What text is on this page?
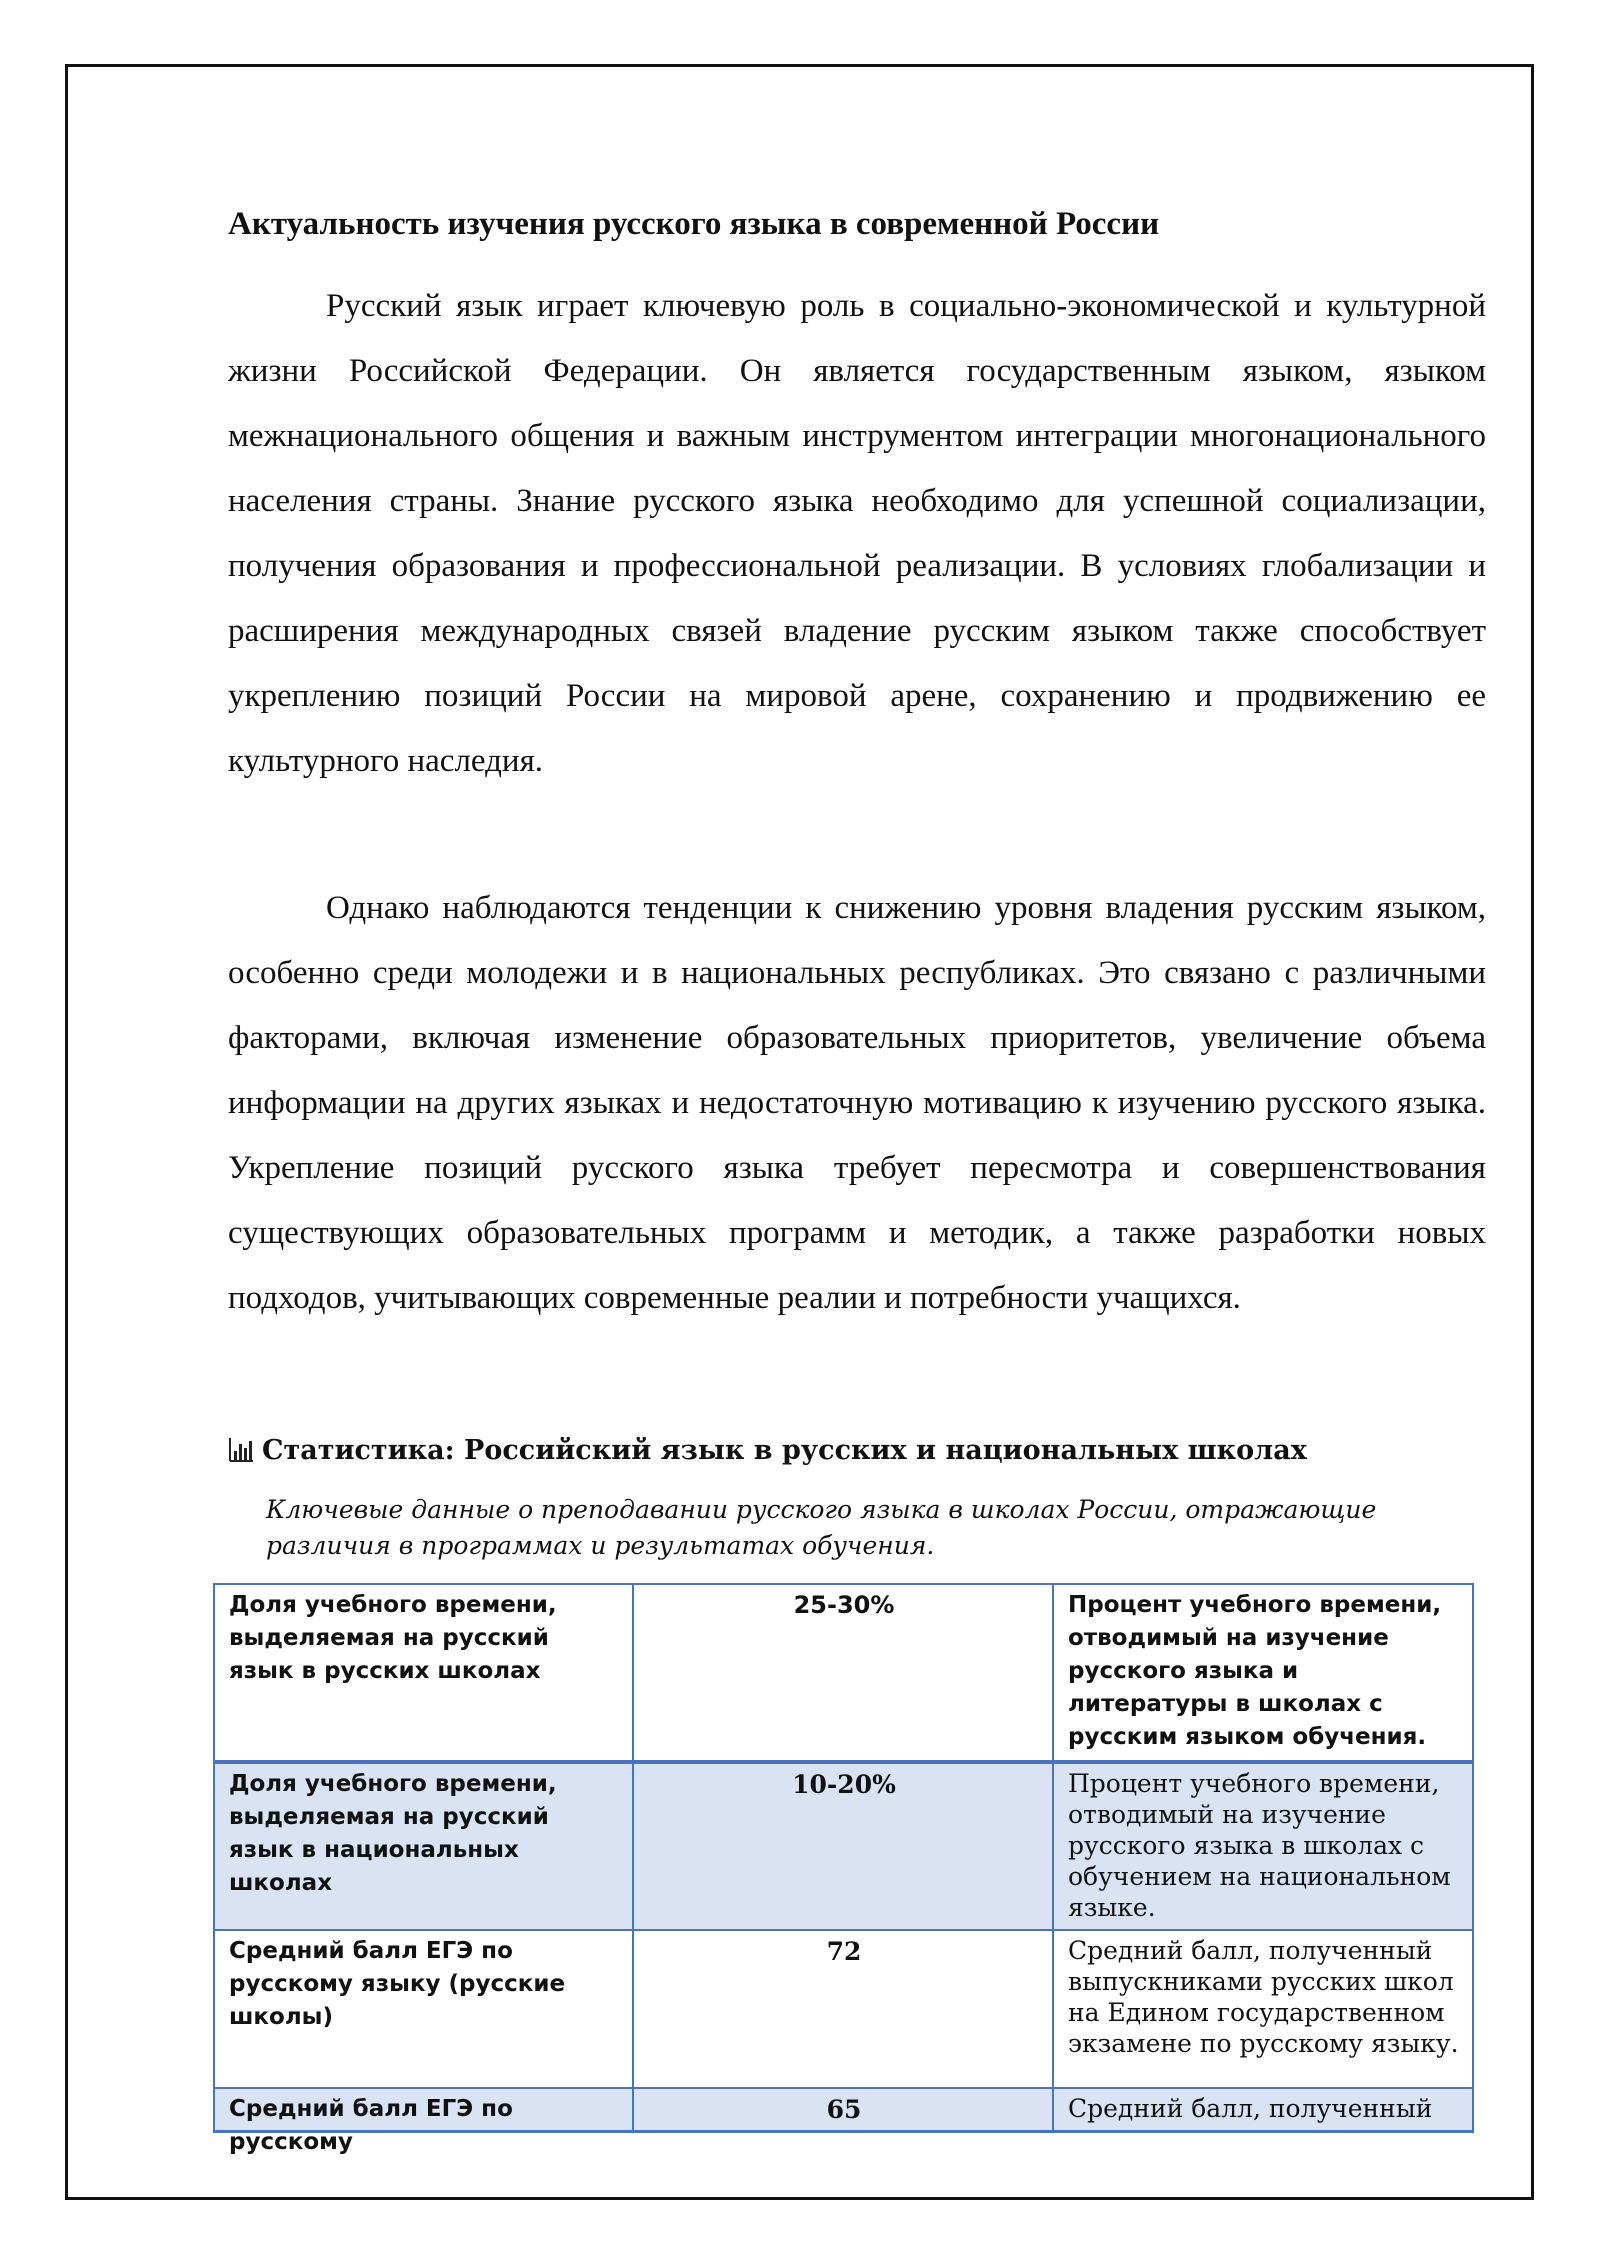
Актуальность изучения русского языка в современной России

Русский язык играет ключевую роль в социально-экономической и культурной жизни Российской Федерации. Он является государственным языком, языком межнационального общения и важным инструментом интеграции многонационального населения страны. Знание русского языка необходимо для успешной социализации, получения образования и профессиональной реализации. В условиях глобализации и расширения международных связей владение русским языком также способствует укреплению позиций России на мировой арене, сохранению и продвижению ее культурного наследия.

Однако наблюдаются тенденции к снижению уровня владения русским языком, особенно среди молодежи и в национальных республиках. Это связано с различными факторами, включая изменение образовательных приоритетов, увеличение объема информации на других языках и недостаточную мотивацию к изучению русского языка. Укрепление позиций русского языка требует пересмотра и совершенствования существующих образовательных программ и методик, а также разработки новых подходов, учитывающих современные реалии и потребности учащихся.

Статистика: Российский язык в русских и национальных школах

Ключевые данные о преподавании русского языка в школах России, отражающие различия в программах и результатах обучения.

Доля учебного времени, выделяемая на русский язык в русских школах	25-30%	Процент учебного времени, отводимый на изучение русского языка и литературы в школах с русским языком обучения.
Доля учебного времени, выделяемая на русский язык в национальных школах	10-20%	Процент учебного времени, отводимый на изучение русского языка в школах с обучением на национальном языке.
Средний балл ЕГЭ по русскому языку (русские школы)	72	Средний балл, полученный выпускниками русских школ на Едином государственном экзамене по русскому языку.

Средний балл ЕГЭ по русскому	65	Средний балл, полученный
